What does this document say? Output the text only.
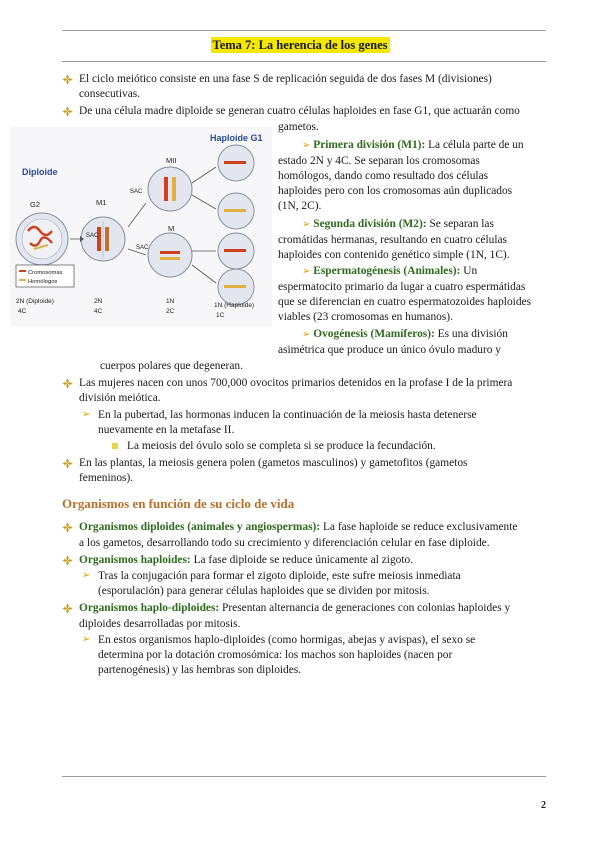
Tema 7: La herencia de los genes
El ciclo meiótico consiste en una fase S de replicación seguida de dos fases M (divisiones)
consecutivas.
De una célula madre diploide se generan cuatro células haploides en fase G1, que actuarán como
gametos.
Haploide G1
Diploide
G2	M1
MII
M
SAC
SAC
SAC
Cromosomas
Homólogos
2N (Diploide)
4C
2N
4C
1N
2C
1N (Haploide)
1C
➢ Primera división (M1): La célula parte de un
estado 2N y 4C. Se separan los cromosomas
homólogos, dando como resultado dos células
haploides pero con los cromosomas aún duplicados
(1N, 2C).
➢ Segunda división (M2): Se separan las
cromátidas hermanas, resultando en cuatro células
haploides con contenido genético simple (1N, 1C).
➢ Espermatogénesis (Animales): Un
espermatocito primario da lugar a cuatro espermátidas
que se diferencian en cuatro espermatozoides haploides
viables (23 cromosomas en humanos).
➢ Ovogénesis (Mamíferos): Es una división
asimétrica que produce un único óvulo maduro y
cuerpos polares que degeneran.
Las mujeres nacen con unos 700,000 ovocitos primarios detenidos en la profase I de la primera
división meiótica.
➢ En la pubertad, las hormonas inducen la continuación de la meiosis hasta detenerse
nuevamente en la metafase II.
La meiosis del óvulo solo se completa si se produce la fecundación.
En las plantas, la meiosis genera polen (gametos masculinos) y gametofitos (gametos
femeninos).
Organismos en función de su ciclo de vida
Organismos diploides (animales y angiospermas): La fase haploide se reduce exclusivamente
a los gametos, desarrollando todo su crecimiento y diferenciación celular en fase diploide.
Organismos haploides: La fase diploide se reduce únicamente al zigoto.
➢ Tras la conjugación para formar el zigoto diploide, este sufre meiosis inmediata
(esporulación) para generar células haploides que se dividen por mitosis.
Organismos haplo-diploides: Presentan alternancia de generaciones con colonias haploides y
diploides desarrolladas por mitosis.
➢ En estos organismos haplo-diploides (como hormigas, abejas y avispas), el sexo se
determina por la dotación cromosómica: los machos son haploides (nacen por
partenogénesis) y las hembras son diploides.
2
